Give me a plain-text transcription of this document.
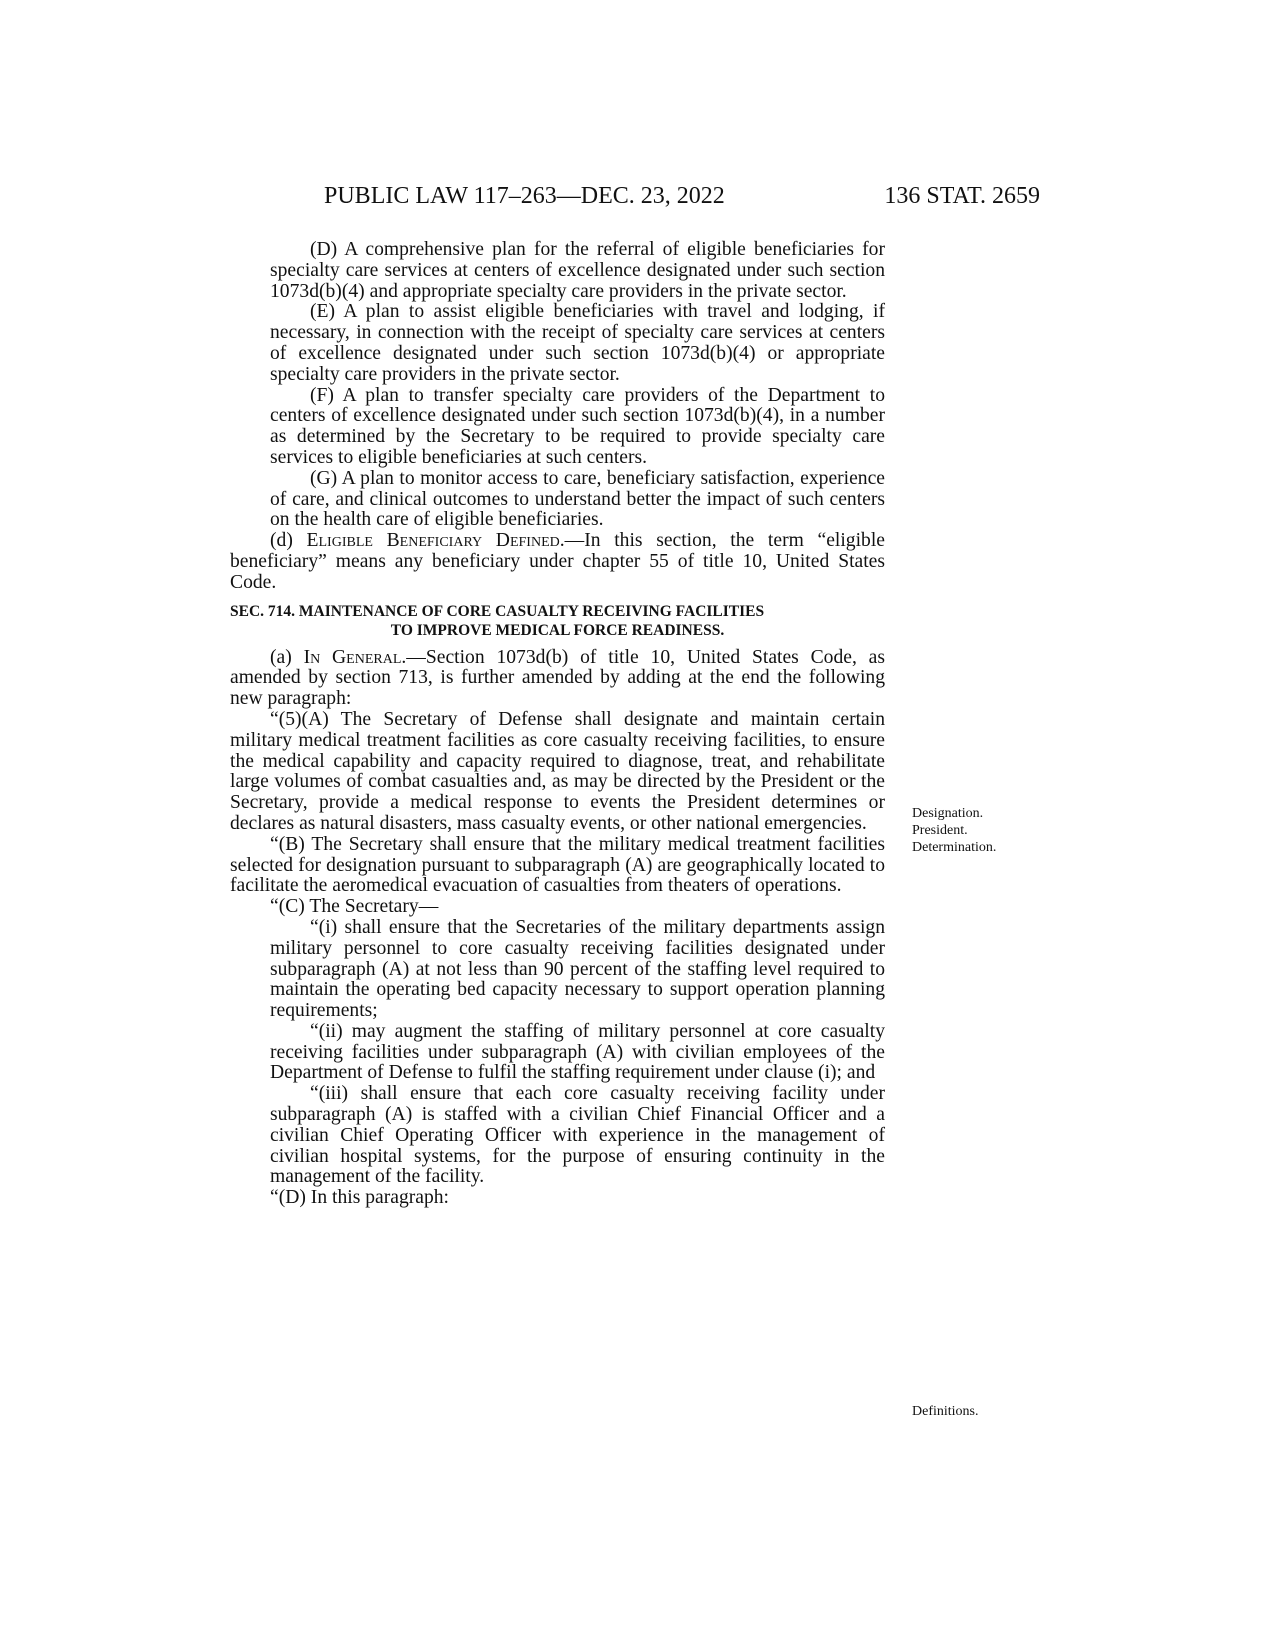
PUBLIC LAW 117–263—DEC. 23, 2022	136 STAT. 2659

(D) A comprehensive plan for the referral of eligible beneficiaries for specialty care services at centers of excellence designated under such section 1073d(b)(4) and appropriate specialty care providers in the private sector.

(E) A plan to assist eligible beneficiaries with travel and lodging, if necessary, in connection with the receipt of specialty care services at centers of excellence designated under such section 1073d(b)(4) or appropriate specialty care providers in the private sector.

(F) A plan to transfer specialty care providers of the Department to centers of excellence designated under such section 1073d(b)(4), in a number as determined by the Secretary to be required to provide specialty care services to eligible beneficiaries at such centers.

(G) A plan to monitor access to care, beneficiary satisfaction, experience of care, and clinical outcomes to understand better the impact of such centers on the health care of eligible beneficiaries.

(d) Eligible Beneficiary Defined.—In this section, the term “eligible beneficiary” means any beneficiary under chapter 55 of title 10, United States Code.

SEC. 714. MAINTENANCE OF CORE CASUALTY RECEIVING FACILITIES
TO IMPROVE MEDICAL FORCE READINESS.

(a) In General.—Section 1073d(b) of title 10, United States Code, as amended by section 713, is further amended by adding at the end the following new paragraph:

“(5)(A) The Secretary of Defense shall designate and maintain certain military medical treatment facilities as core casualty receiving facilities, to ensure the medical capability and capacity required to diagnose, treat, and rehabilitate large volumes of combat casualties and, as may be directed by the President or the Secretary, provide a medical response to events the President determines or declares as natural disasters, mass casualty events, or other national emergencies.

“(B) The Secretary shall ensure that the military medical treatment facilities selected for designation pursuant to subparagraph (A) are geographically located to facilitate the aeromedical evacuation of casualties from theaters of operations.

“(C) The Secretary—

“(i) shall ensure that the Secretaries of the military departments assign military personnel to core casualty receiving facilities designated under subparagraph (A) at not less than 90 percent of the staffing level required to maintain the operating bed capacity necessary to support operation planning requirements;

“(ii) may augment the staffing of military personnel at core casualty receiving facilities under subparagraph (A) with civilian employees of the Department of Defense to fulfil the staffing requirement under clause (i); and

“(iii) shall ensure that each core casualty receiving facility under subparagraph (A) is staffed with a civilian Chief Financial Officer and a civilian Chief Operating Officer with experience in the management of civilian hospital systems, for the purpose of ensuring continuity in the management of the facility.

“(D) In this paragraph:

Designation.
President.
Determination.
Definitions.
